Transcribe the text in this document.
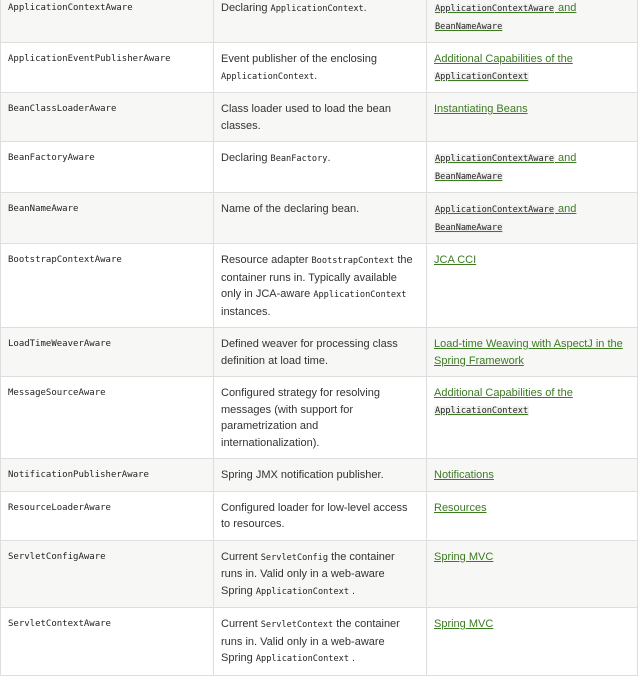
ApplicationContextAware	Declaring ApplicationContext.	ApplicationContextAware and BeanNameAware
ApplicationEventPublisherAware	Event publisher of the enclosing ApplicationContext.	Additional Capabilities of the ApplicationContext
BeanClassLoaderAware	Class loader used to load the bean classes.	Instantiating Beans
BeanFactoryAware	Declaring BeanFactory.	ApplicationContextAware and BeanNameAware
BeanNameAware	Name of the declaring bean.	ApplicationContextAware and BeanNameAware
BootstrapContextAware	Resource adapter BootstrapContext the container runs in. Typically available only in JCA-aware ApplicationContext instances.	JCA CCI
LoadTimeWeaverAware	Defined weaver for processing class definition at load time.	Load-time Weaving with AspectJ in the Spring Framework
MessageSourceAware	Configured strategy for resolving messages (with support for parametrization and internationalization).	Additional Capabilities of the ApplicationContext
NotificationPublisherAware	Spring JMX notification publisher.	Notifications
ResourceLoaderAware	Configured loader for low-level access to resources.	Resources
ServletConfigAware	Current ServletConfig the container runs in. Valid only in a web-aware Spring ApplicationContext .	Spring MVC
ServletContextAware	Current ServletContext the container runs in. Valid only in a web-aware Spring ApplicationContext .	Spring MVC
